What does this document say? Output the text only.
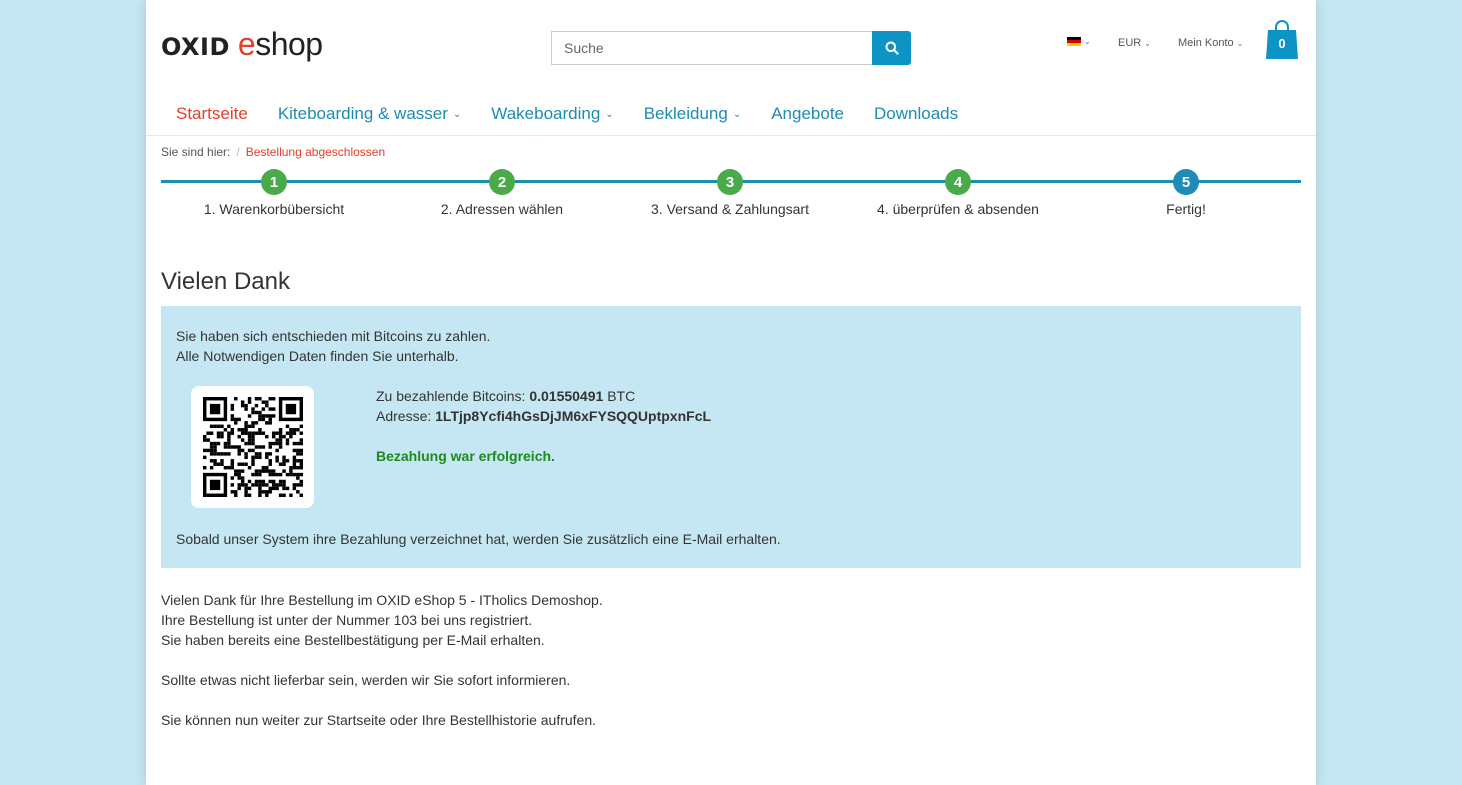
OXID e shop
Suche	⌄ EUR ⌄ Mein Konto ⌄	0
Startseite Kiteboarding & wasser ⌄ Wakeboarding ⌄ Bekleidung ⌄ Angebote Downloads
Sie sind hier: / Bestellung abgeschlossen
1	2	3	4	5
1. Warenkorbübersicht	2. Adressen wählen	3. Versand & Zahlungsart	4. überprüfen & absenden	Fertig!
Vielen Dank
Sie haben sich entschieden mit Bitcoins zu zahlen.
Alle Notwendigen Daten finden Sie unterhalb.
Zu bezahlende Bitcoins: 0.01550491 BTC
Adresse: 1LTjp8Ycfi4hGsDjJM6xFYSQQUptpxnFcL
Bezahlung war erfolgreich.
Sobald unser System ihre Bezahlung verzeichnet hat, werden Sie zusätzlich eine E-Mail erhalten.
Vielen Dank für Ihre Bestellung im OXID eShop 5 - ITholics Demoshop.
Ihre Bestellung ist unter der Nummer 103 bei uns registriert.
Sie haben bereits eine Bestellbestätigung per E-Mail erhalten.
Sollte etwas nicht lieferbar sein, werden wir Sie sofort informieren.
Sie können nun weiter zur Startseite oder Ihre Bestellhistorie aufrufen.
